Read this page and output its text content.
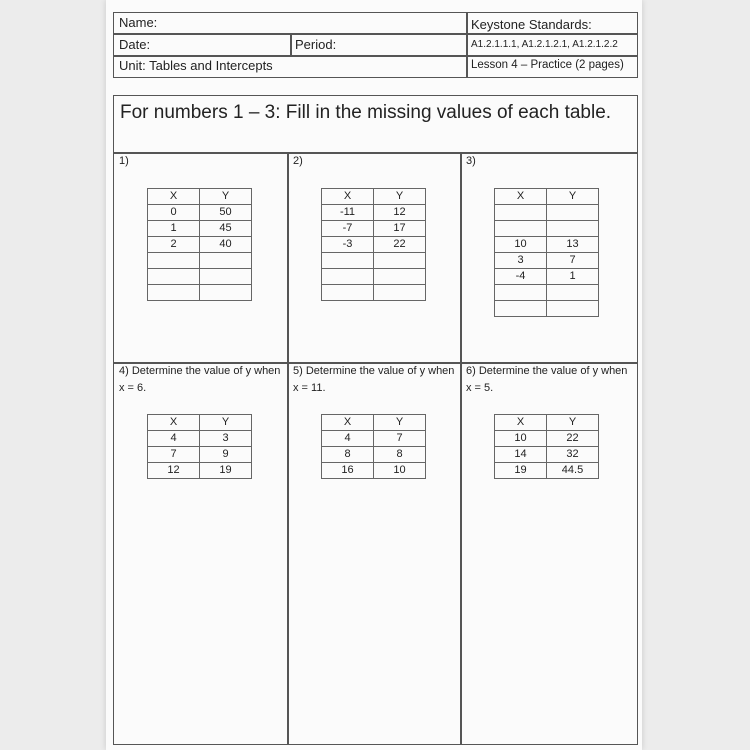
Name:
Date:	Period:
Unit: Tables and Intercepts
Keystone Standards:
A1.2.1.1.1, A1.2.1.2.1, A1.2.1.2.2
Lesson 4 – Practice (2 pages)
For numbers 1 – 3: Fill in the missing values of each table.
1)
X	Y
0	50
1	45
2	40

2)
X	Y
-11	12
-7	17
-3	22

3)
X	Y

10	13
3	7
-4	1

4) Determine the value of y when x = 6.
X	Y
4	3
7	9
12	19
5) Determine the value of y when x = 11.
X	Y
4	7
8	8
16	10
6) Determine the value of y when x = 5.
X	Y
10	22
14	32
19	44.5
